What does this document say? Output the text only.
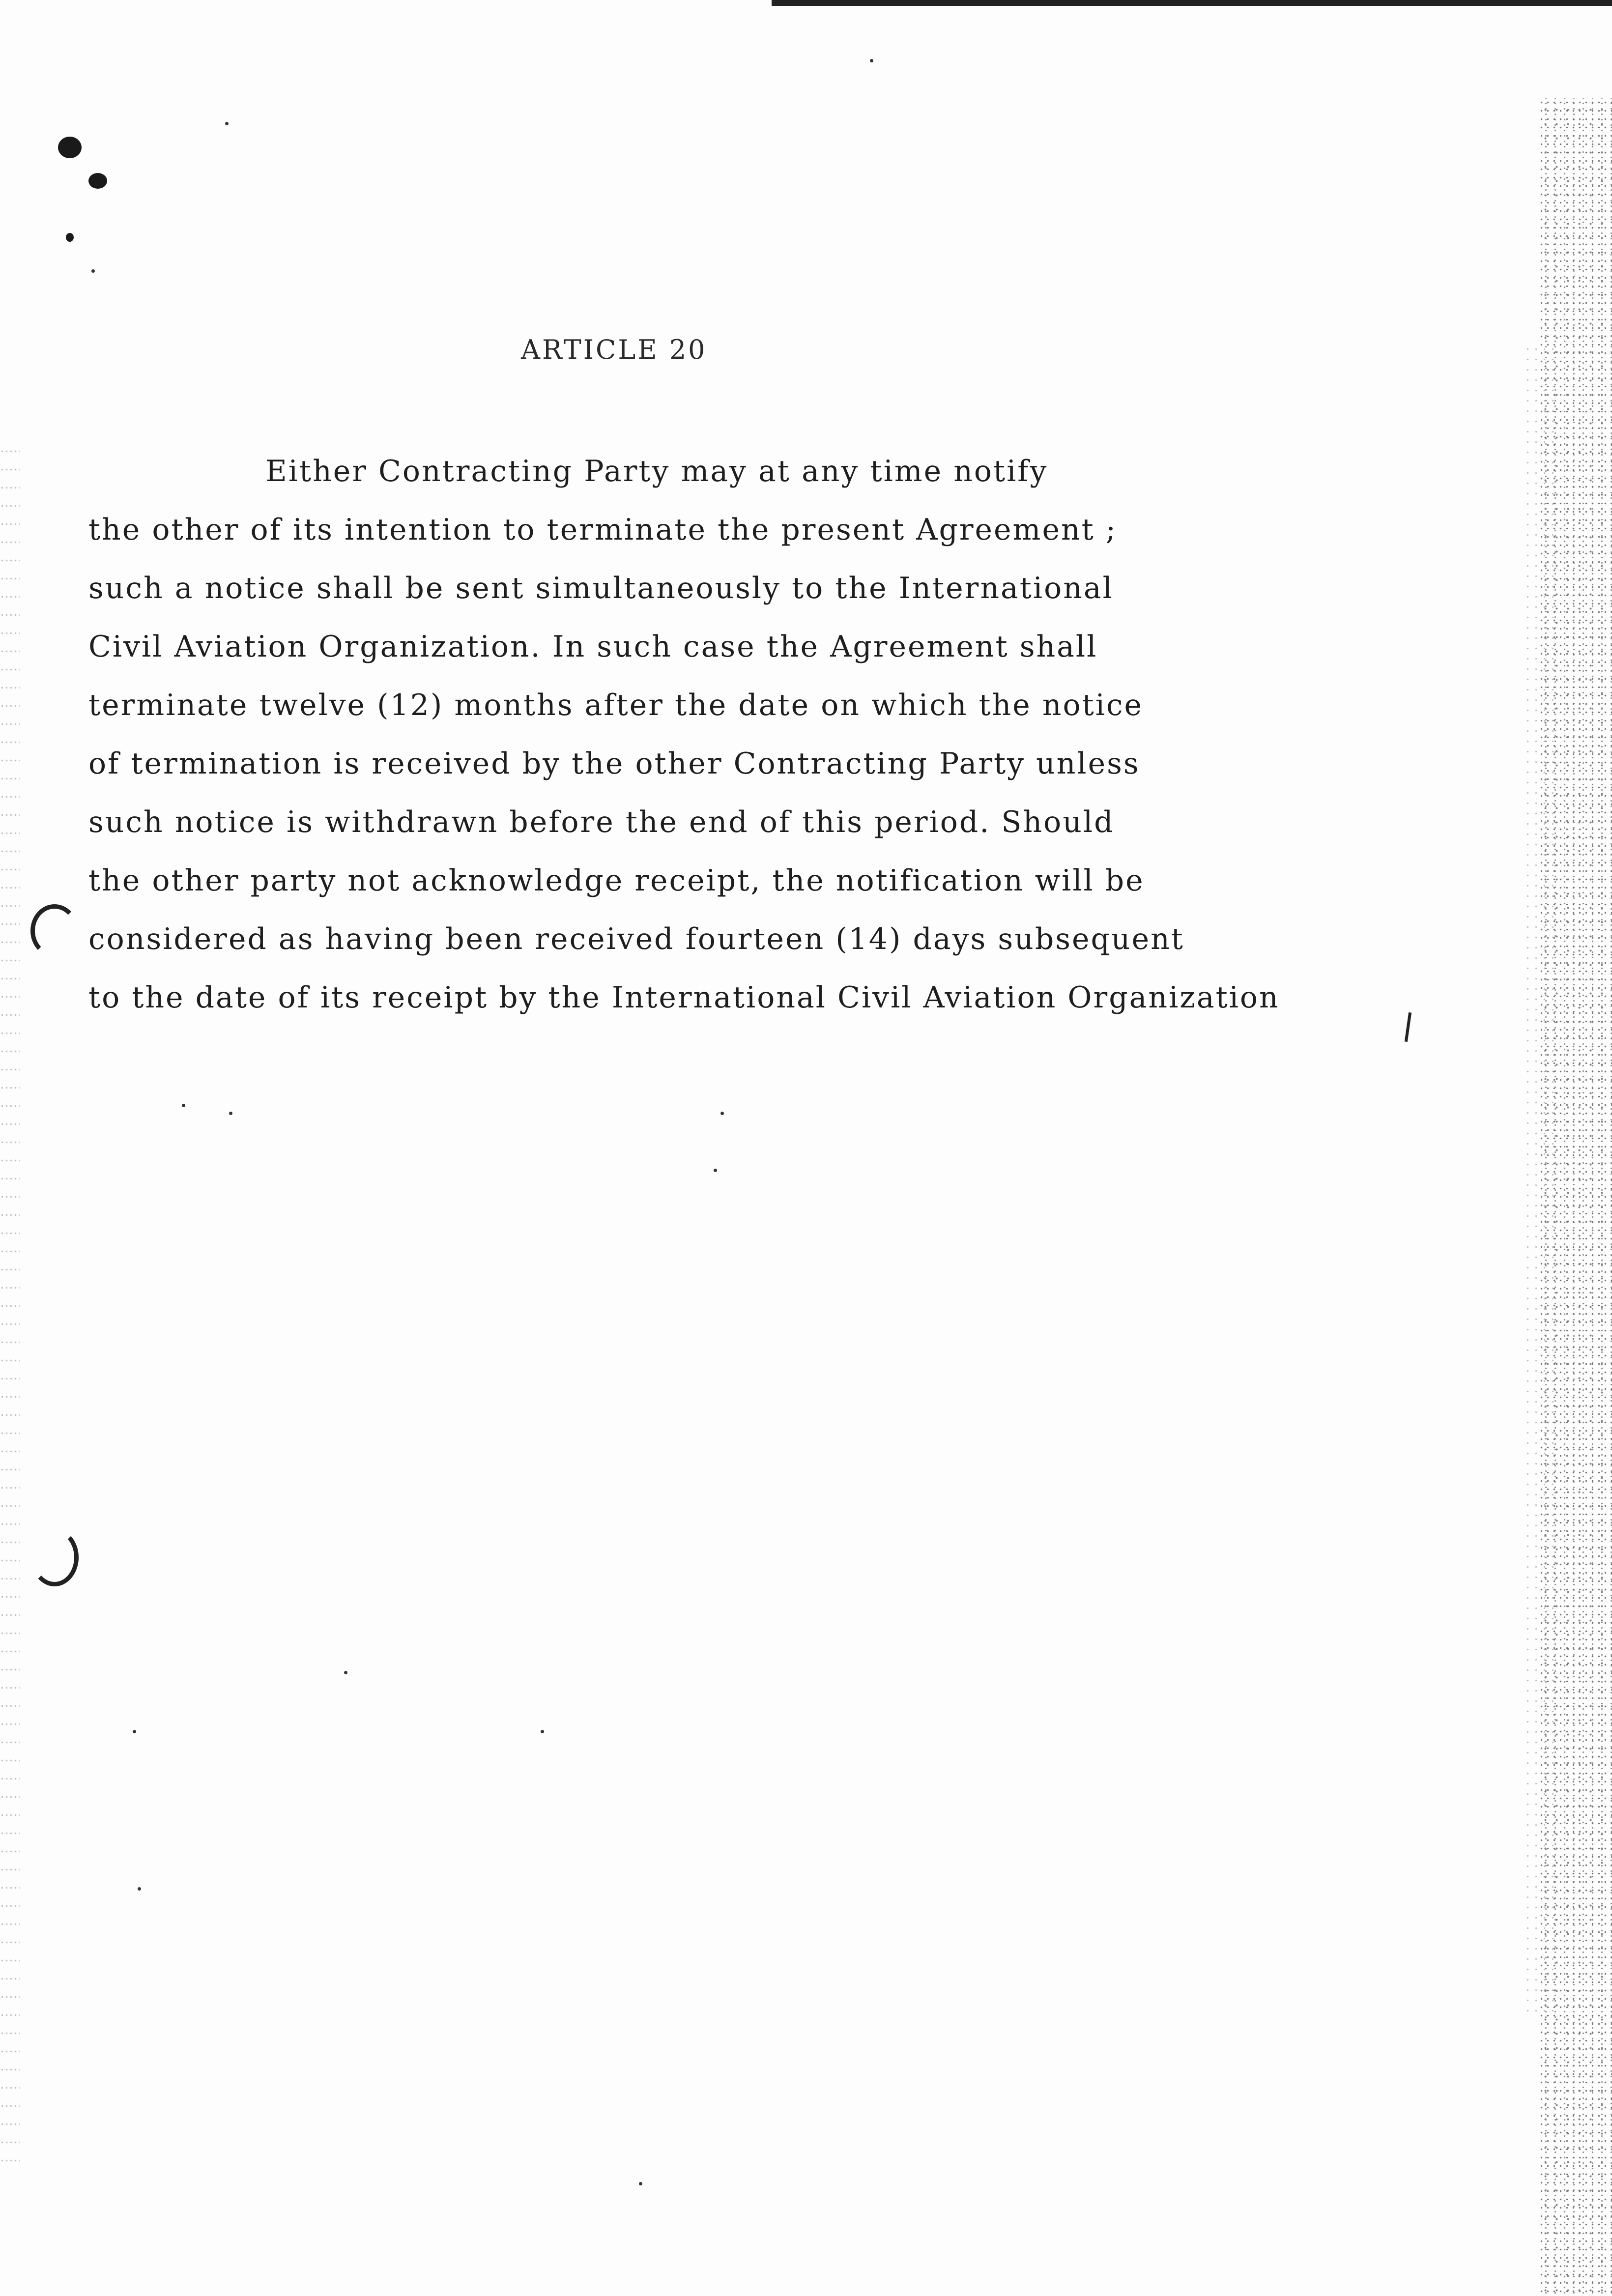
ARTICLE 20
Either Contracting Party may at any time notify
the other of its intention to terminate the present Agreement ;
such a notice shall be sent simultaneously to the International
Civil Aviation Organization. In such case the Agreement shall
terminate twelve (12) months after the date on which the notice
of termination is received by the other Contracting Party unless
such notice is withdrawn before the end of this period. Should
the other party not acknowledge receipt, the notification will be
considered as having been received fourteen (14) days subsequent
to the date of its receipt by the International Civil Aviation Organization
